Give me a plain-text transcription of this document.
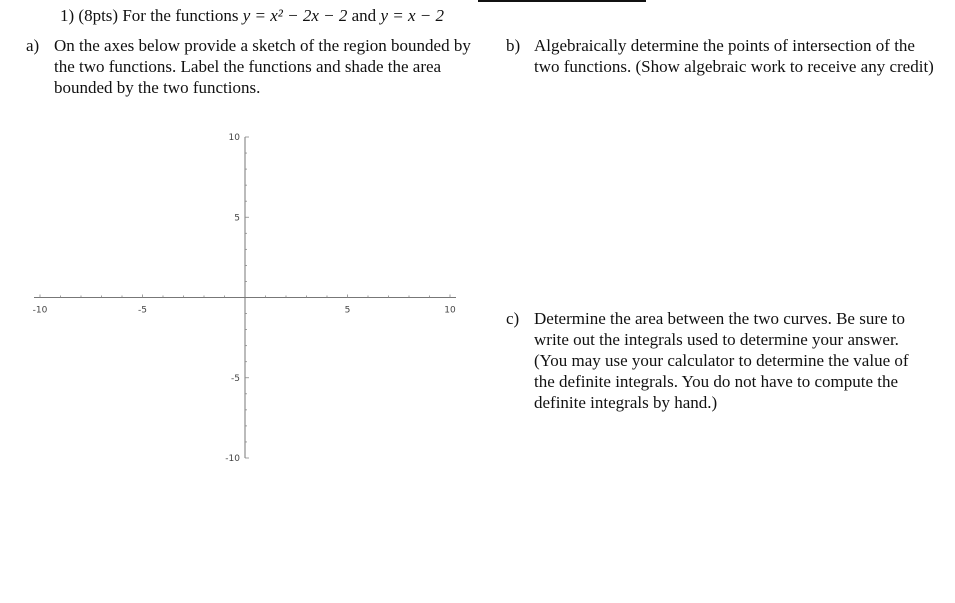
1) (8pts) For the functions y = x² − 2x − 2 and y = x − 2
a) On the axes below provide a sketch of the region bounded by the two functions. Label the functions and shade the area bounded by the two functions.
b) Algebraically determine the points of intersection of the two functions. (Show algebraic work to receive any credit)
c) Determine the area between the two curves. Be sure to write out the integrals used to determine your answer. (You may use your calculator to determine the value of the definite integrals. You do not have to compute the definite integrals by hand.)
-10	-5	5	10
10
5
-5
-10
